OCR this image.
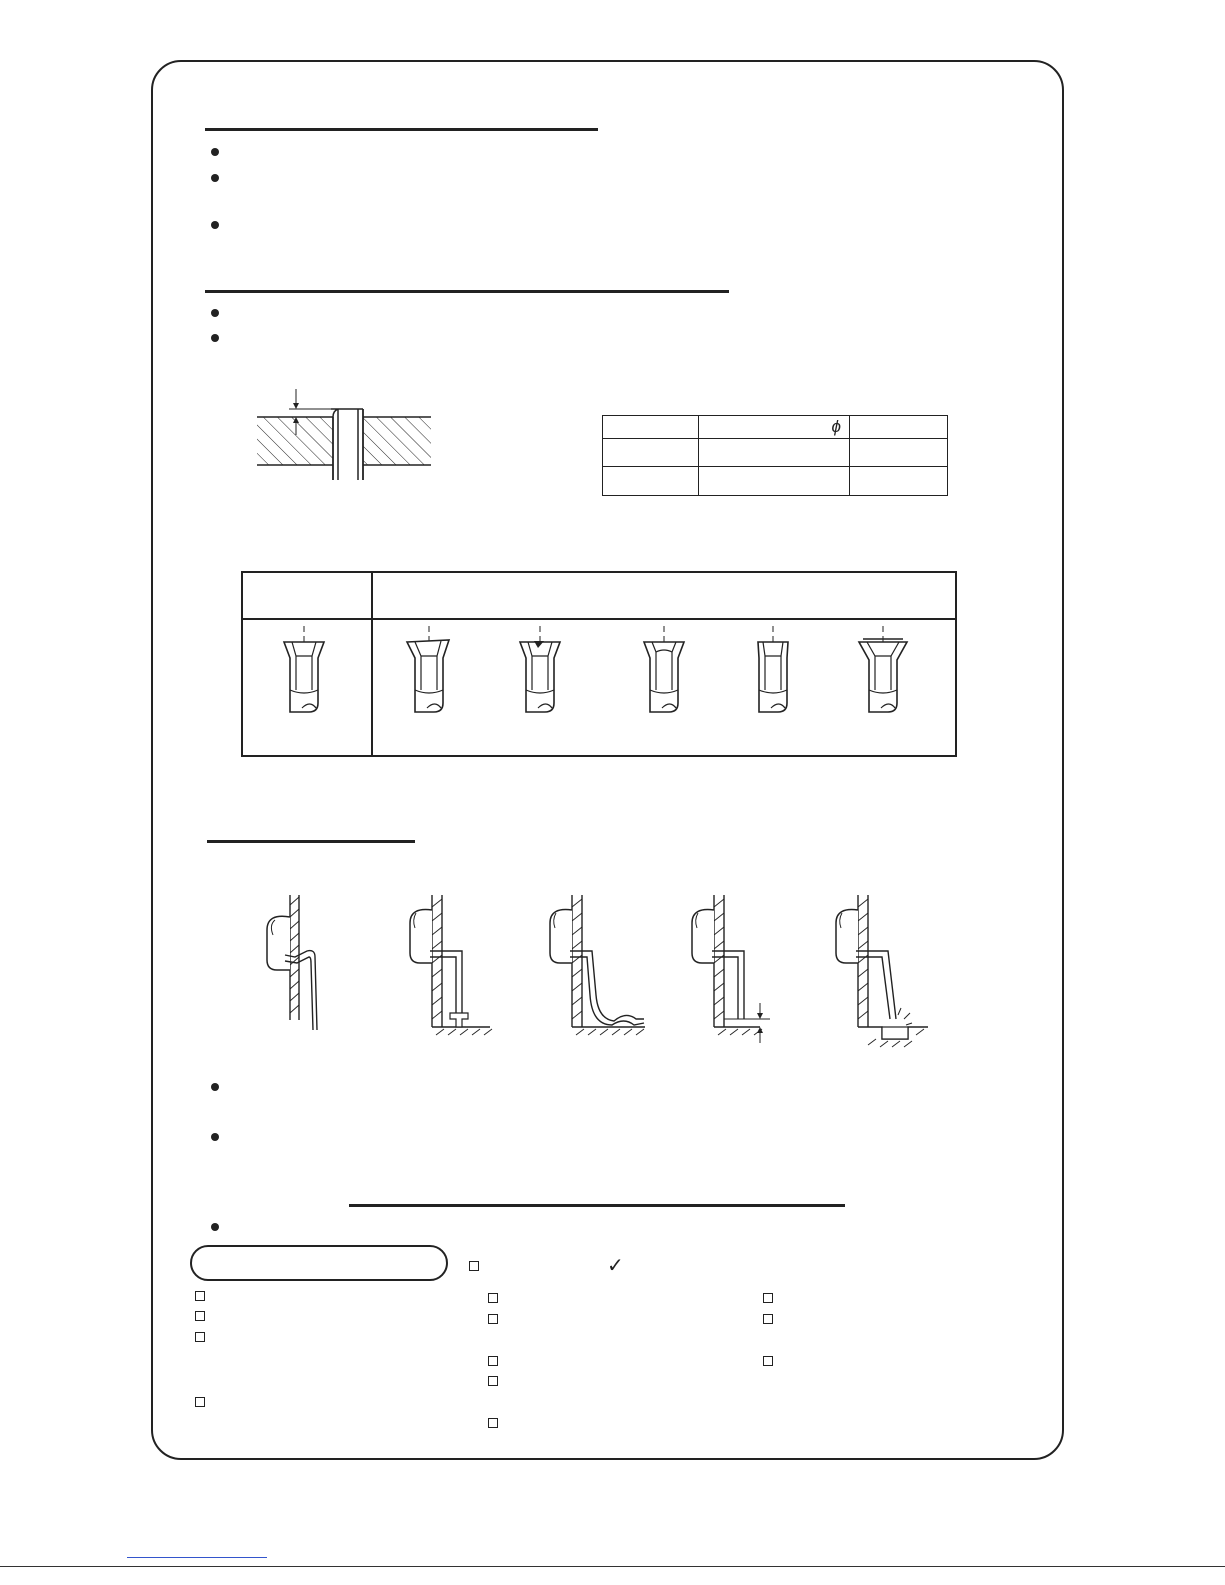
	ϕ	

✓
